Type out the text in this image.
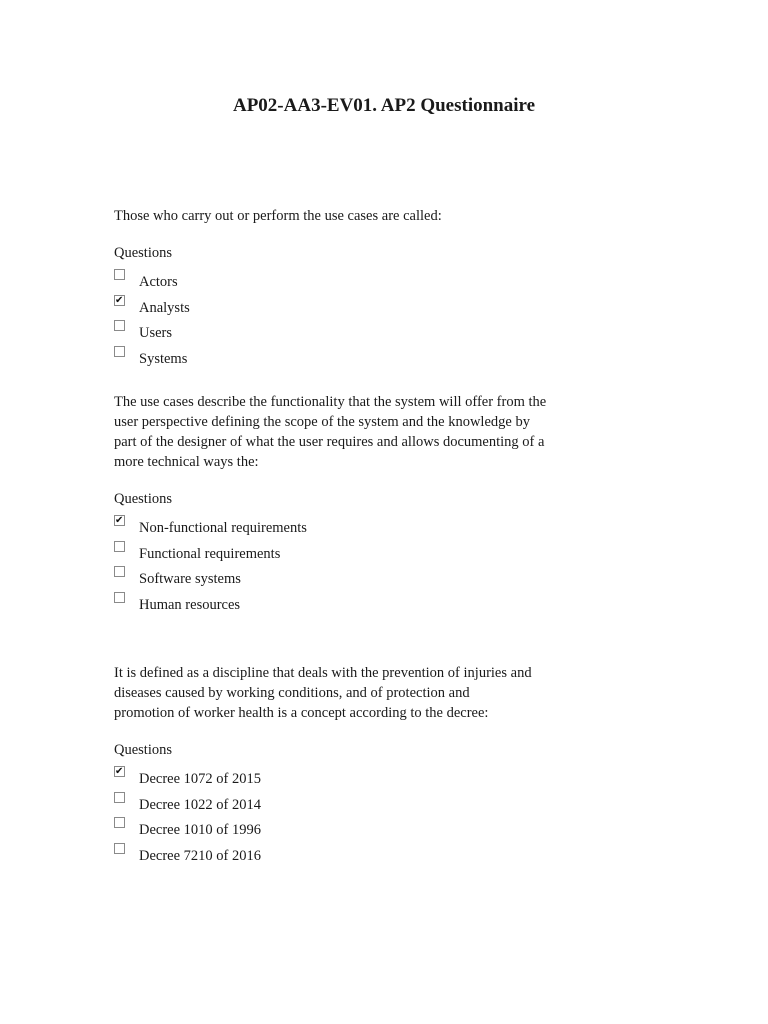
AP02-AA3-EV01. AP2 Questionnaire

Those who carry out or perform the use cases are called:

Questions

Actors
✔
Analysts
Users
Systems

The use cases describe the functionality that the system will offer from the
user perspective defining the scope of the system and the knowledge by
part of the designer of what the user requires and allows documenting of a
more technical ways the:

Questions

✔
Non-functional requirements
Functional requirements
Software systems
Human resources

It is defined as a discipline that deals with the prevention of injuries and
diseases caused by working conditions, and of protection and
promotion of worker health is a concept according to the decree:

Questions

✔
Decree 1072 of 2015
Decree 1022 of 2014
Decree 1010 of 1996
Decree 7210 of 2016
